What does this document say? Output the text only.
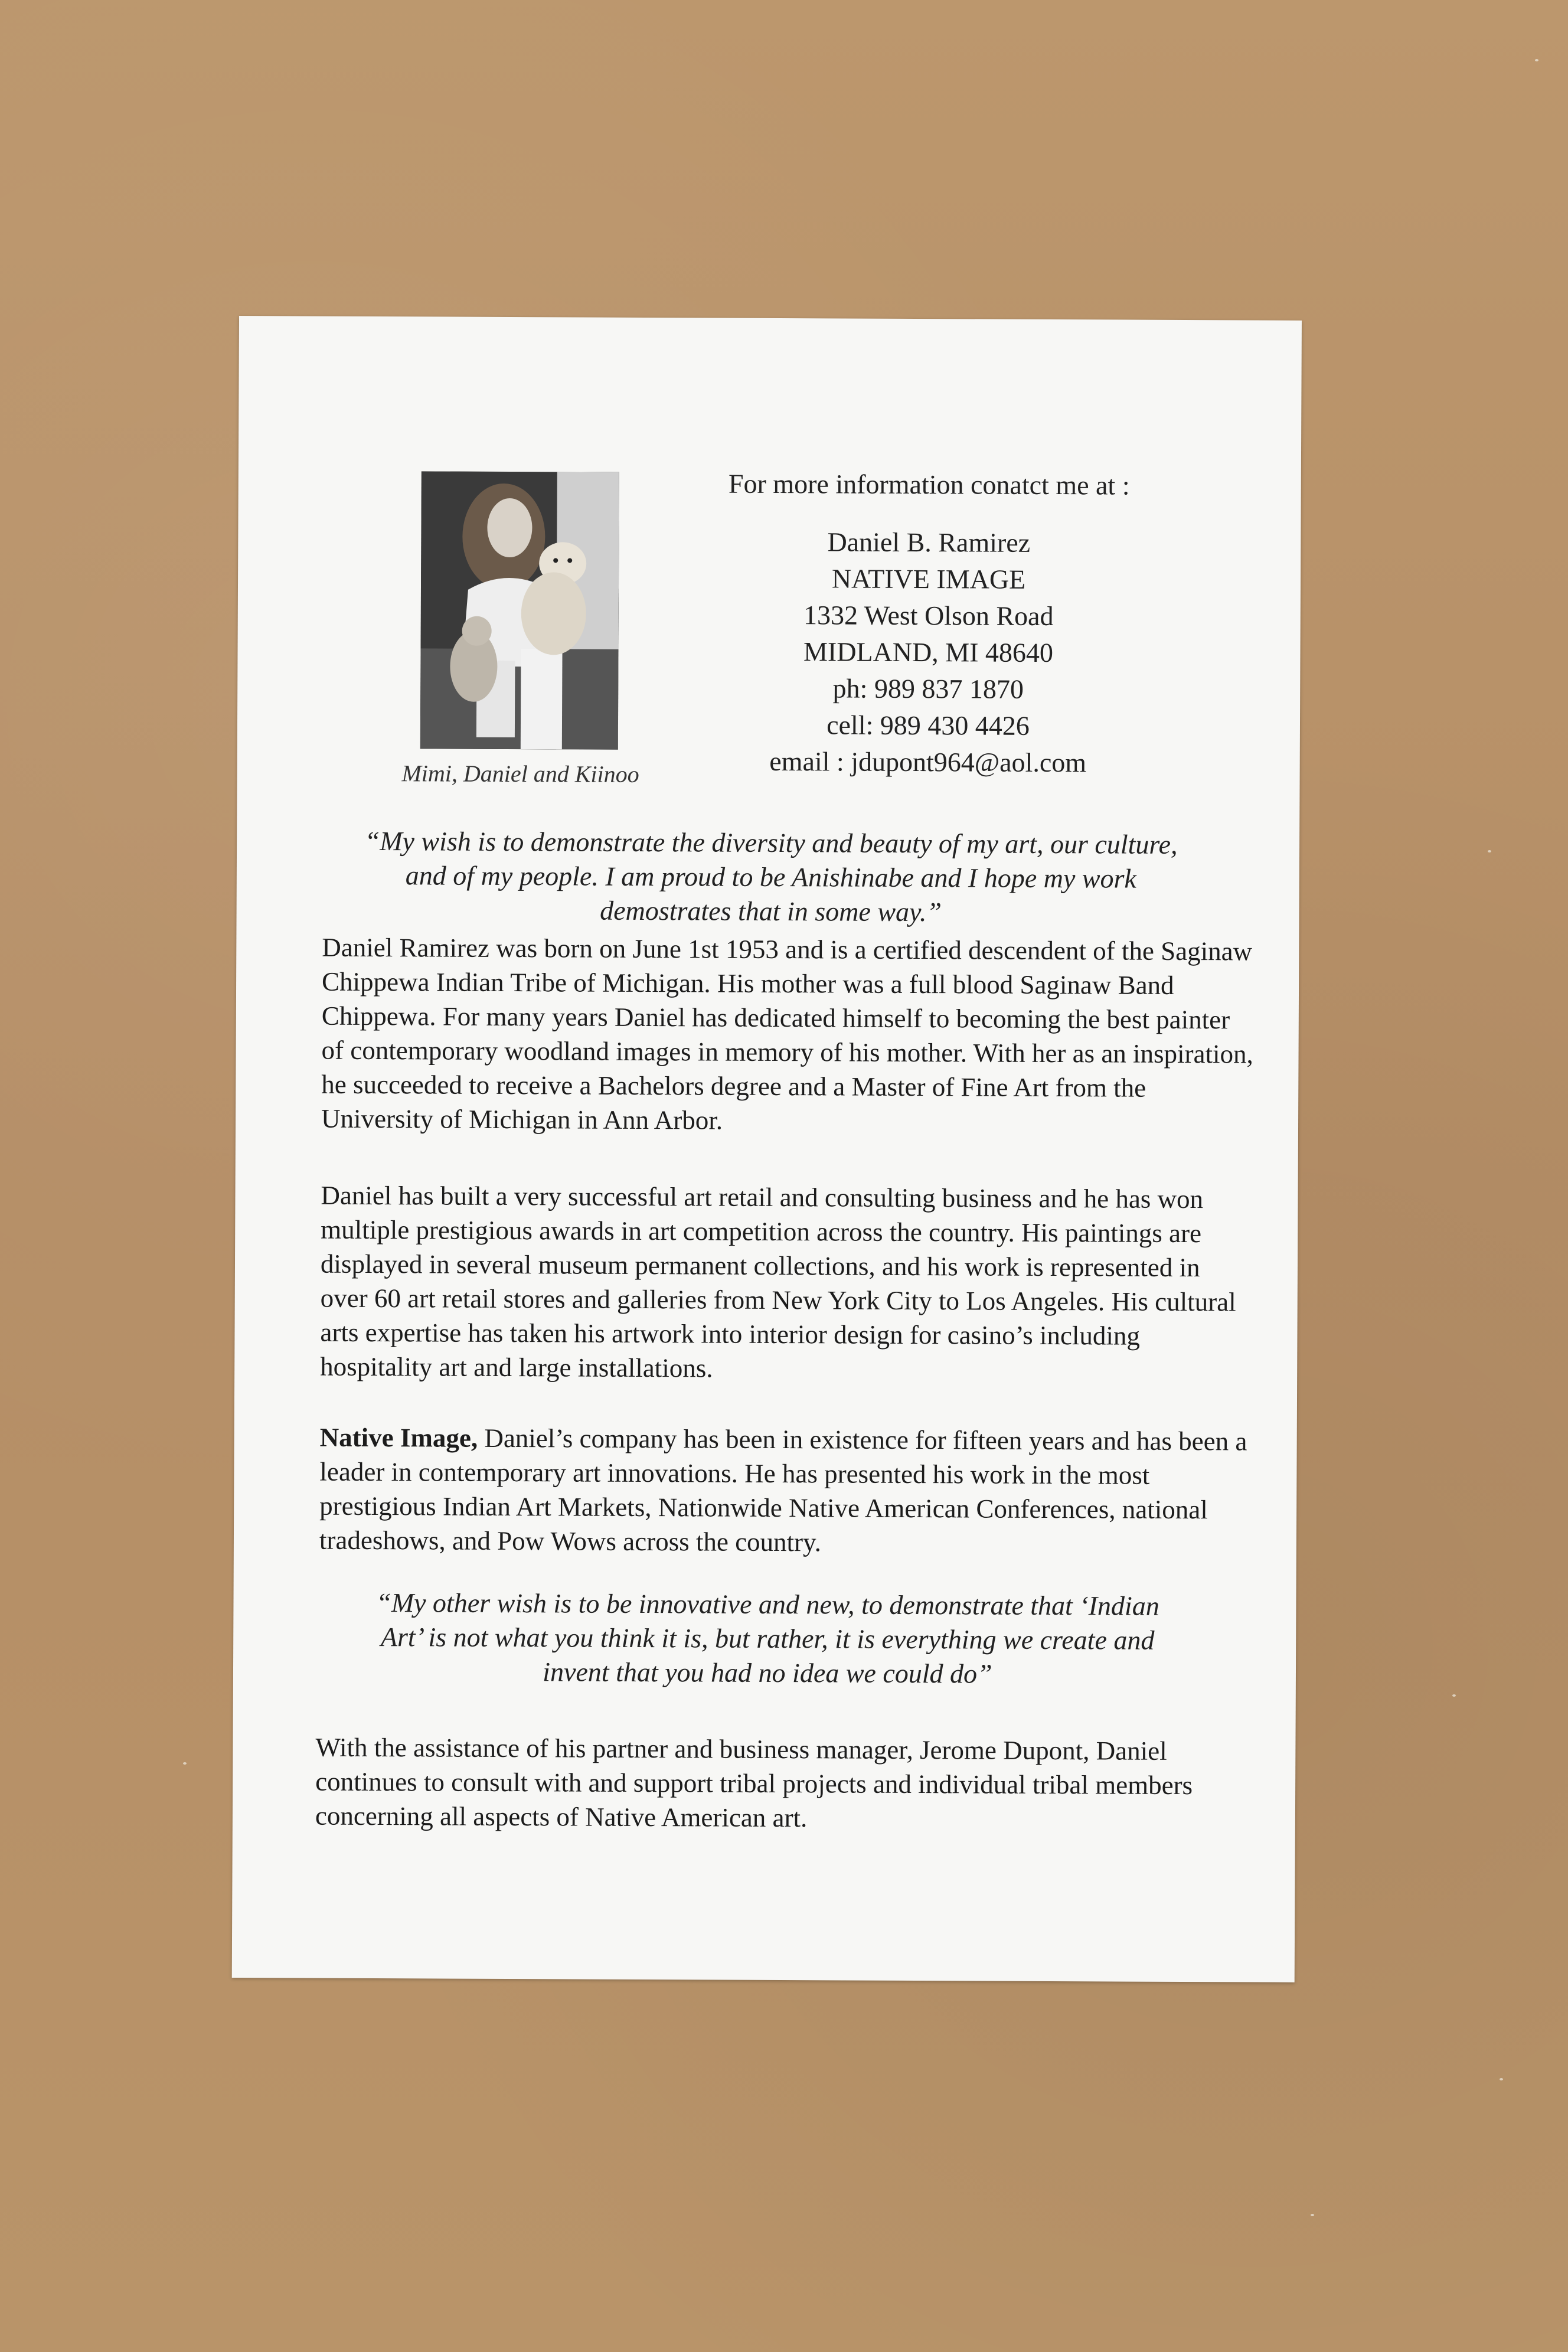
Mimi, Daniel and Kiinoo
For more information conatct me at :
Daniel B. Ramirez
NATIVE IMAGE
1332 West Olson Road
MIDLAND, MI 48640
ph: 989 837 1870
cell: 989 430 4426
email : jdupont964@aol.com
“My wish is to demonstrate the diversity and beauty of my art, our culture,
and of my people. I am proud to be Anishinabe and I hope my work
demostrates that in some way.”
Daniel Ramirez was born on June 1st 1953 and is a certified descendent of the Saginaw Chippewa Indian Tribe of Michigan. His mother was a full blood Saginaw Band Chippewa. For many years Daniel has dedicated himself to becoming the best painter of contemporary woodland images in memory of his mother. With her as an inspiration, he succeeded to receive a Bachelors degree and a Master of Fine Art from the University of Michigan in Ann Arbor.
Daniel has built a very successful art retail and consulting business and he has won multiple prestigious awards in art competition across the country. His paintings are displayed in several museum permanent collections, and his work is represented in over 60 art retail stores and galleries from New York City to Los Angeles. His cultural arts expertise has taken his artwork into interior design for casino’s including hospitality art and large installations.
Native Image, Daniel’s company has been in existence for fifteen years and has been a leader in contemporary art innovations. He has presented his work in the most prestigious Indian Art Markets, Nationwide Native American Conferences, national tradeshows, and Pow Wows across the country.
“My other wish is to be innovative and new, to demonstrate that ‘Indian
Art’ is not what you think it is, but rather, it is everything we create and
invent that you had no idea we could do”
With the assistance of his partner and business manager, Jerome Dupont, Daniel continues to consult with and support tribal projects and individual tribal members concerning all aspects of Native American art.
